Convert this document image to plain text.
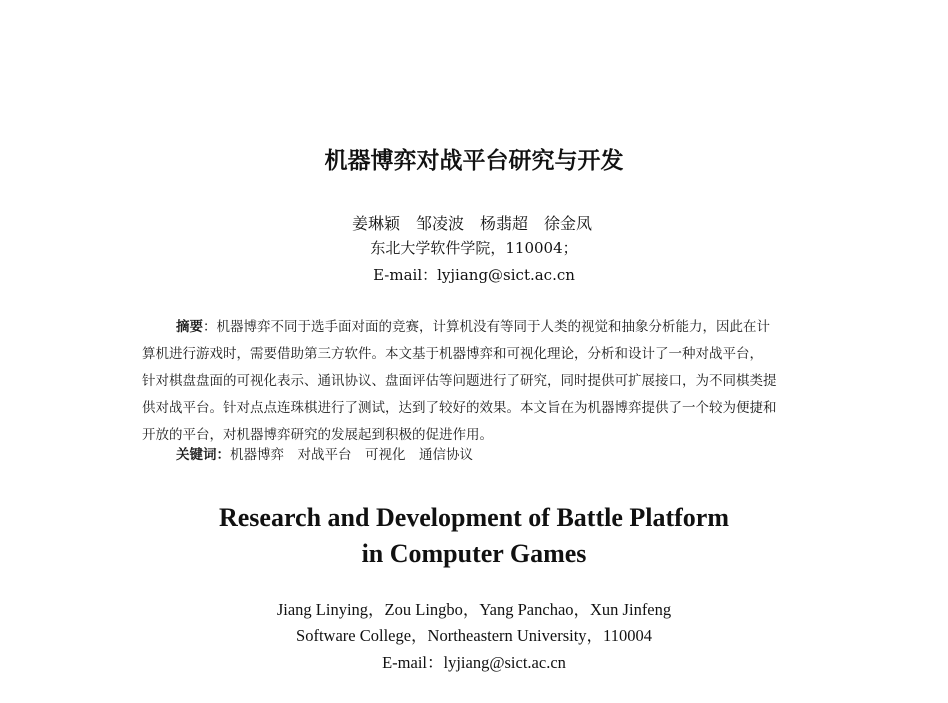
机器博弈对战平台研究与开发
姜琳颖　邹凌波　杨翡超　徐金凤
东北大学软件学院，110004；
E-mail：lyjiang@sict.ac.cn
摘要：机器博弈不同于选手面对面的竞赛，计算机没有等同于人类的视觉和抽象分析能力，因此在计
算机进行游戏时，需要借助第三方软件。本文基于机器博弈和可视化理论，分析和设计了一种对战平台，
针对棋盘盘面的可视化表示、通讯协议、盘面评估等问题进行了研究，同时提供可扩展接口，为不同棋类提
供对战平台。针对点点连珠棋进行了测试，达到了较好的效果。本文旨在为机器博弈提供了一个较为便捷和
开放的平台，对机器博弈研究的发展起到积极的促进作用。
关键词：机器博弈　对战平台　可视化　通信协议
Research and Development of Battle Platform
in Computer Games
Jiang Linying，Zou Lingbo，Yang Panchao，Xun Jinfeng
Software College，Northeastern University，110004
E-mail：lyjiang@sict.ac.cn
